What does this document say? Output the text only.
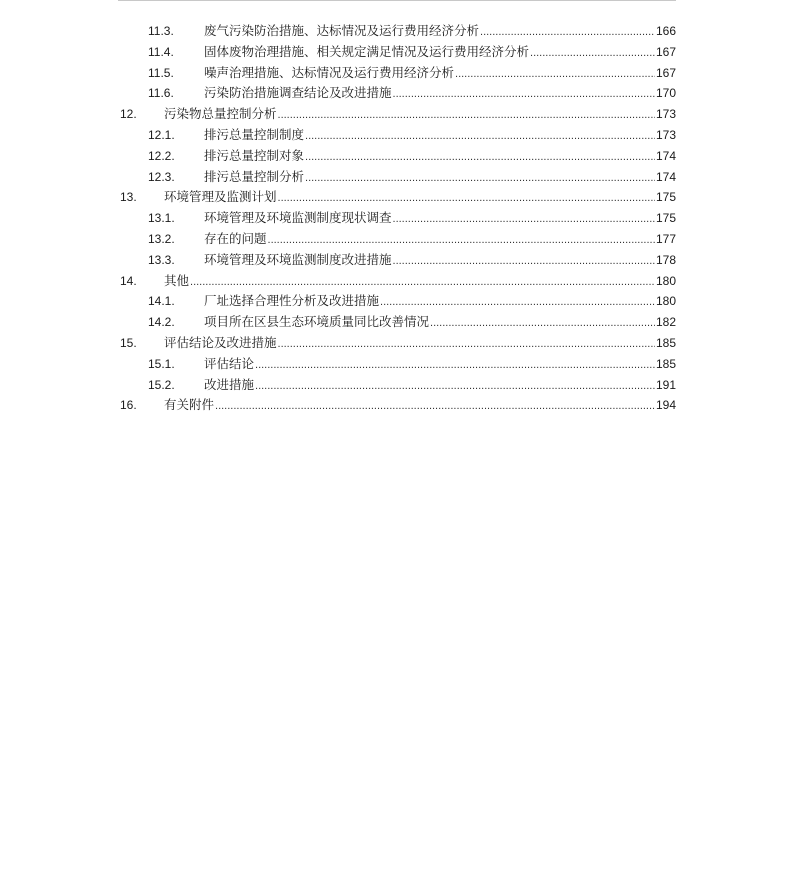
11.3.	废气污染防治措施、达标情况及运行费用经济分析 .....	166
11.4.	固体废物治理措施、相关规定满足情况及运行费用经济分析 .....	167
11.5.	噪声治理措施、达标情况及运行费用经济分析 .....	167
11.6.	污染防治措施调查结论及改进措施 .....	170
12.	污染物总量控制分析 .....	173
12.1.	排污总量控制制度 .....	173
12.2.	排污总量控制对象 .....	174
12.3.	排污总量控制分析 .....	174
13.	环境管理及监测计划 .....	175
13.1.	环境管理及环境监测制度现状调查 .....	175
13.2.	存在的问题 .....	177
13.3.	环境管理及环境监测制度改进措施 .....	178
14.	其他 .....	180
14.1.	厂址选择合理性分析及改进措施 .....	180
14.2.	项目所在区县生态环境质量同比改善情况 .....	182
15.	评估结论及改进措施 .....	185
15.1.	评估结论 .....	185
15.2.	改进措施 .....	191
16.	有关附件 .....	194
